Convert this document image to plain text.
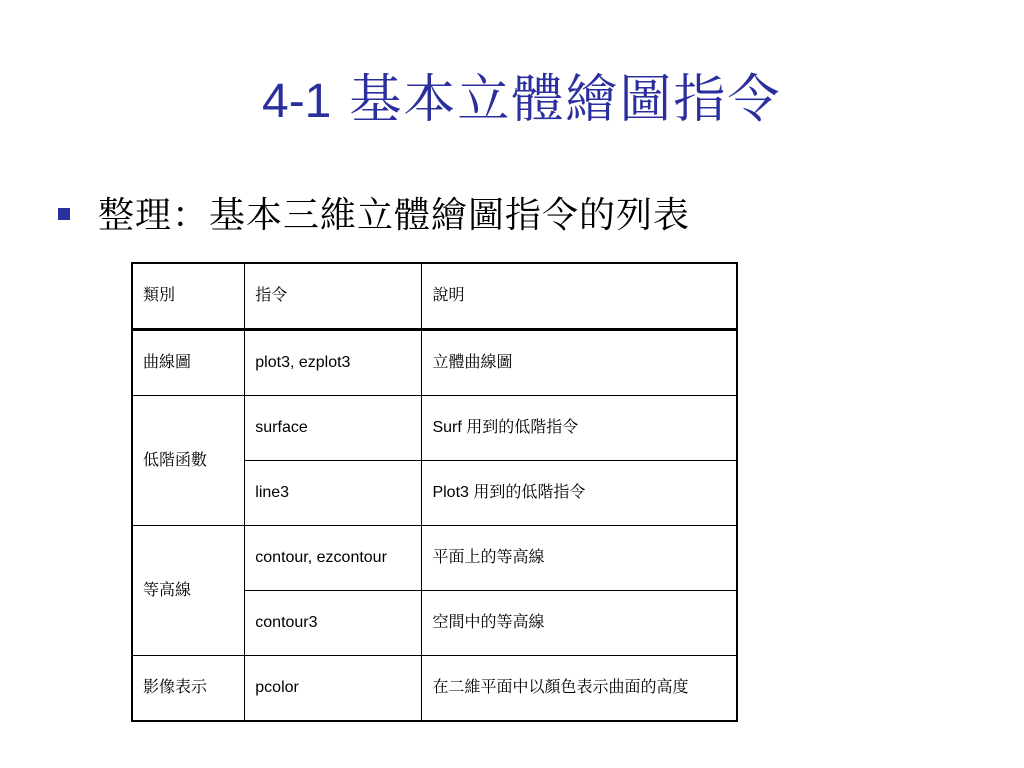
4-1 基本立體繪圖指令
整理：基本三維立體繪圖指令的列表
類別	指令	說明
曲線圖	plot3, ezplot3	立體曲線圖
低階函數	surface	Surf 用到的低階指令
	line3	Plot3 用到的低階指令
等高線	contour, ezcontour	平面上的等高線
	contour3	空間中的等高線
影像表示	pcolor	在二維平面中以顏色表示曲面的高度
